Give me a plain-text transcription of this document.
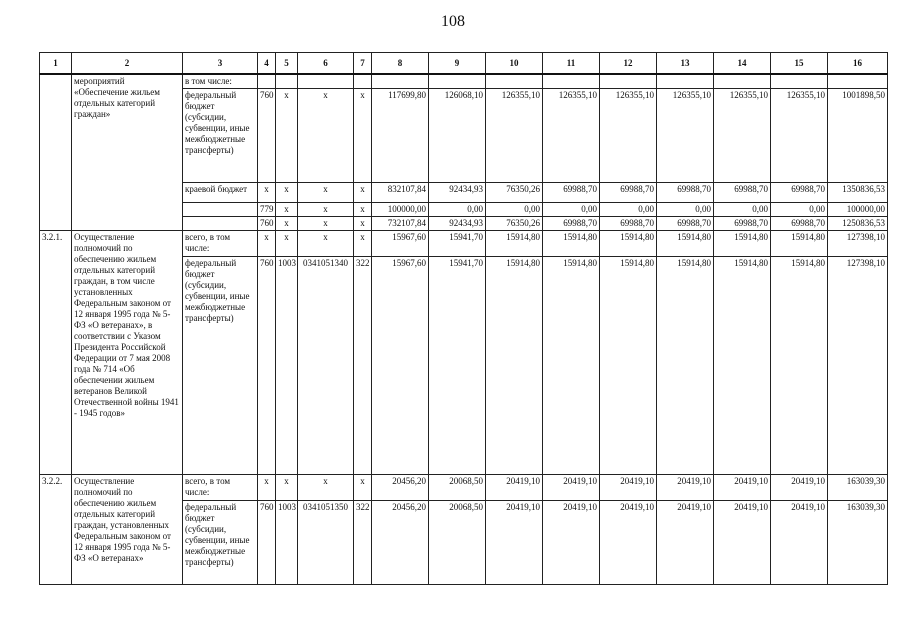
108
1	2	3	4	5	6	7	8	9	10	11	12	13	14	15	16
	мероприятий «Обеспечение жильем отдельных категорий граждан»	в том числе:													
		федеральный бюджет (субсидии, субвенции, иные межбюджетные трансферты)	760	x	x	x	117699,80	126068,10	126355,10	126355,10	126355,10	126355,10	126355,10	126355,10	1001898,50
		краевой бюджет	x	x	x	x	832107,84	92434,93	76350,26	69988,70	69988,70	69988,70	69988,70	69988,70	1350836,53
			779	x	x	x	100000,00	0,00	0,00	0,00	0,00	0,00	0,00	0,00	100000,00
			760	x	x	x	732107,84	92434,93	76350,26	69988,70	69988,70	69988,70	69988,70	69988,70	1250836,53
3.2.1.	Осуществление полномочий по обеспечению жильем отдельных категорий граждан, в том числе установленных Федеральным законом от 12 января 1995 года № 5-ФЗ «О ветеранах», в соответствии с Указом Президента Российской Федерации от 7 мая 2008 года № 714 «Об обеспечении жильем ветеранов Великой Отечественной войны 1941 - 1945 годов»	всего, в том числе:	x	x	x	x	15967,60	15941,70	15914,80	15914,80	15914,80	15914,80	15914,80	15914,80	127398,10
		федеральный бюджет (субсидии, субвенции, иные межбюджетные трансферты)	760	1003	0341051340	322	15967,60	15941,70	15914,80	15914,80	15914,80	15914,80	15914,80	15914,80	127398,10
3.2.2.	Осуществление полномочий по обеспечению жильем отдельных категорий граждан, установленных Федеральным законом от 12 января 1995 года № 5-ФЗ «О ветеранах»	всего, в том числе:	x	x	x	x	20456,20	20068,50	20419,10	20419,10	20419,10	20419,10	20419,10	20419,10	163039,30
		федеральный бюджет (субсидии, субвенции, иные межбюджетные трансферты)	760	1003	0341051350	322	20456,20	20068,50	20419,10	20419,10	20419,10	20419,10	20419,10	20419,10	163039,30
